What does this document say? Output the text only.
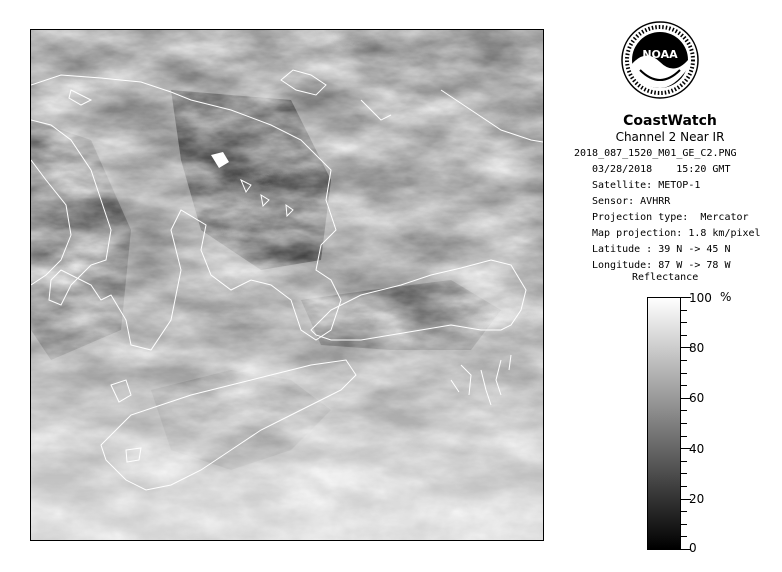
NOAA
CoastWatch
Channel 2 Near IR
2018_087_1520_M01_GE_C2.PNG
03/28/2018    15:20 GMT
Satellite: METOP-1
Sensor: AVHRR
Projection type:  Mercator
Map projection: 1.8 km/pixel
Latitude : 39 N -> 45 N
Longitude: 87 W -> 78 W
Reflectance
%
100
80
60
40
20
0
